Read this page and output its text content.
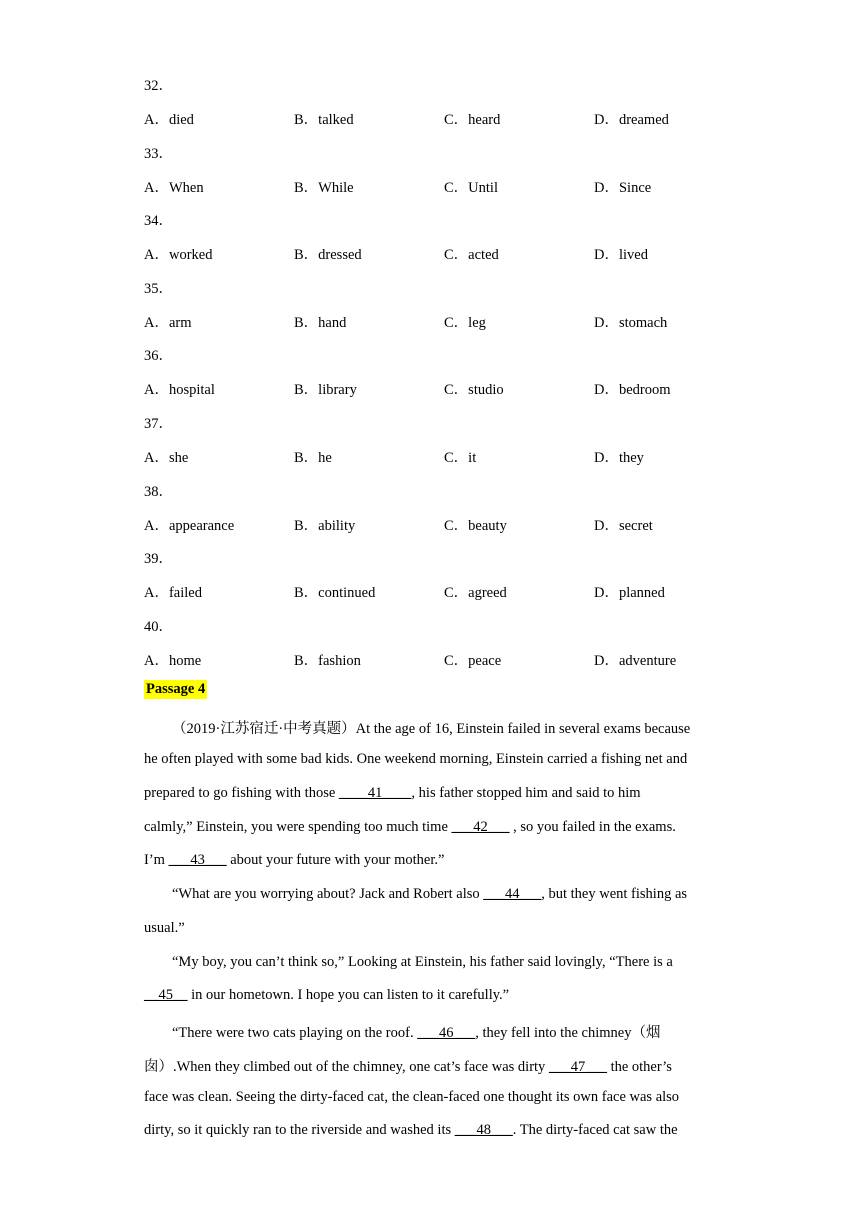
32．
A．died	B．talked	C．heard	D．dreamed
33．
A．When	B．While	C．Until	D．Since
34．
A．worked	B．dressed	C．acted	D．lived
35．
A．arm	B．hand	C．leg	D．stomach
36．
A．hospital	B．library	C．studio	D．bedroom
37．
A．she	B．he	C．it	D．they
38．
A．appearance	B．ability	C．beauty	D．secret
39．
A．failed	B．continued	C．agreed	D．planned
40．
A．home	B．fashion	C．peace	D．adventure
Passage 4
（2019·江苏宿迁·中考真题）At the age of 16, Einstein failed in several exams because
he often played with some bad kids. One weekend morning, Einstein carried a fishing net and
prepared to go fishing with those ____41____, his father stopped him and said to him
calmly,” Einstein, you were spending too much time ___42___ , so you failed in the exams.
I’m ___43___ about your future with your mother.”
“What are you worrying about? Jack and Robert also ___44___, but they went fishing as
usual.”
“My boy, you can’t think so,” Looking at Einstein, his father said lovingly, “There is a
__45__ in our hometown. I hope you can listen to it carefully.”
“There were two cats playing on the roof. ___46___, they fell into the chimney（烟
囱）.When they climbed out of the chimney, one cat’s face was dirty ___47___ the other’s
face was clean. Seeing the dirty-faced cat, the clean-faced one thought its own face was also
dirty, so it quickly ran to the riverside and washed its ___48___. The dirty-faced cat saw the
